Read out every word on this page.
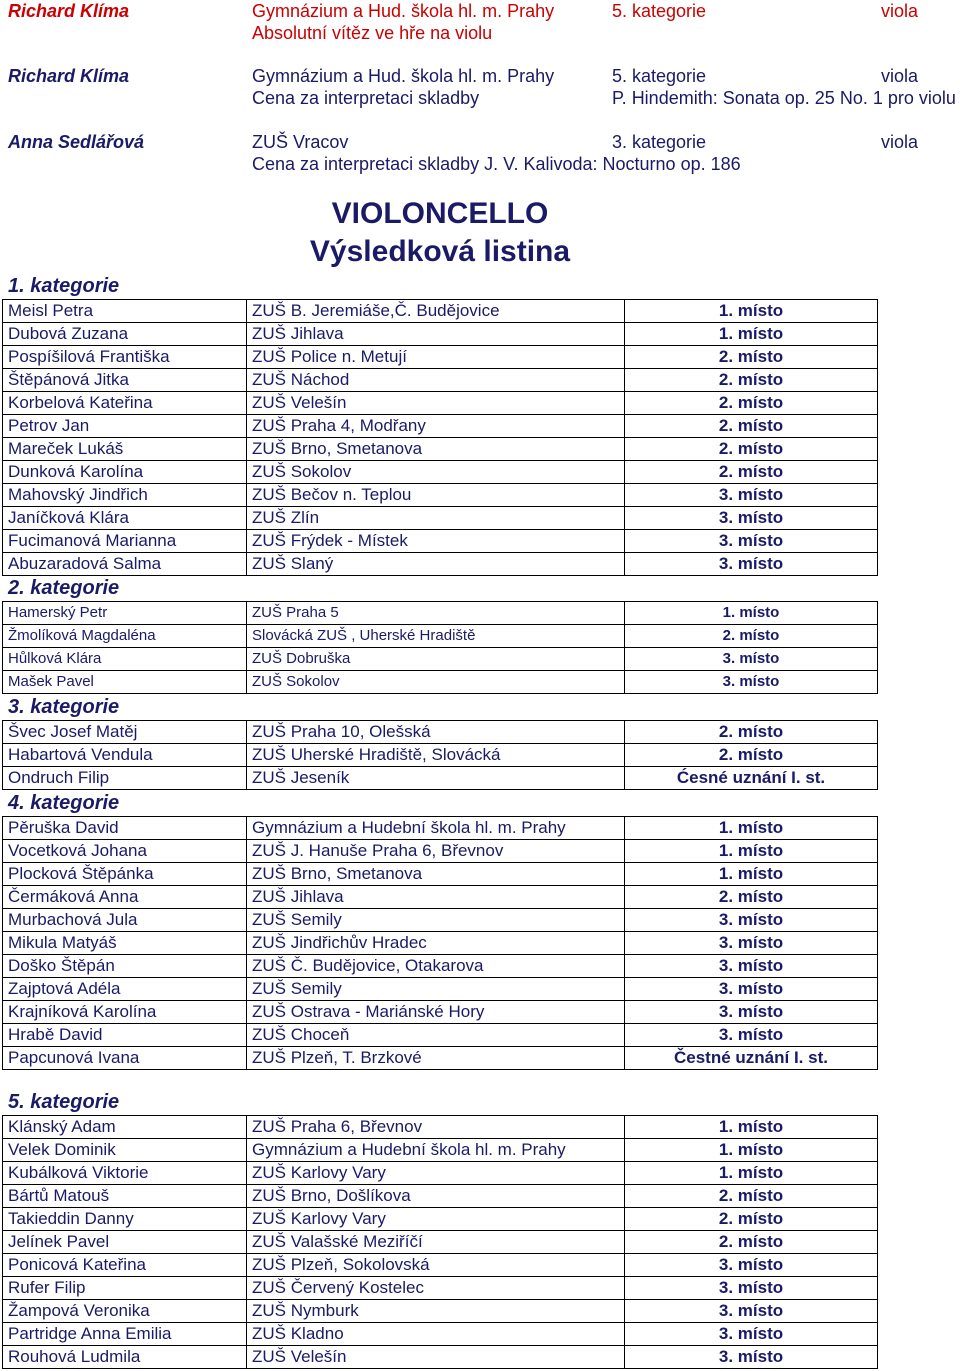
Richard Klíma	Gymnázium a Hud. škola hl. m. Prahy	5. kategorie	viola
Absolutní vítěz ve hře na violu
Richard Klíma	Gymnázium a Hud. škola hl. m. Prahy	5. kategorie	viola
Cena za interpretaci skladby	P. Hindemith: Sonata op. 25 No. 1 pro violu
Anna Sedlářová	ZUŠ Vracov	3. kategorie	viola
Cena za interpretaci skladby J. V. Kalivoda: Nocturno op. 186
VIOLONCELLO
Výsledková listina
1. kategorie
Meisl Petra	ZUŠ B. Jeremiáše,Č. Budějovice	1. místo
Dubová Zuzana	ZUŠ Jihlava	1. místo
Pospíšilová Františka	ZUŠ Police n. Metují	2. místo
Štěpánová Jitka	ZUŠ Náchod	2. místo
Korbelová Kateřina	ZUŠ Velešín	2. místo
Petrov Jan	ZUŠ Praha 4, Modřany	2. místo
Mareček Lukáš	ZUŠ Brno, Smetanova	2. místo
Dunková Karolína	ZUŠ Sokolov	2. místo
Mahovský Jindřich	ZUŠ Bečov n. Teplou	3. místo
Janíčková Klára	ZUŠ Zlín	3. místo
Fucimanová Marianna	ZUŠ Frýdek - Místek	3. místo
Abuzaradová Salma	ZUŠ Slaný	3. místo
2. kategorie
Hamerský Petr	ZUŠ Praha 5	1. místo
Žmolíková Magdaléna	Slovácká ZUŠ , Uherské Hradiště	2. místo
Hůlková Klára	ZUŠ Dobruška	3. místo
Mašek Pavel	ZUŠ Sokolov	3. místo
3. kategorie
Švec Josef Matěj	ZUŠ Praha 10, Olešská	2. místo
Habartová Vendula	ZUŠ Uherské Hradiště, Slovácká	2. místo
Ondruch Filip	ZUŠ Jeseník	Ćesné uznání I. st.
4. kategorie
Pěruška David	Gymnázium a Hudební škola hl. m. Prahy	1. místo
Vocetková Johana	ZUŠ J. Hanuše Praha 6, Břevnov	1. místo
Plocková Štěpánka	ZUŠ Brno, Smetanova	1. místo
Čermáková Anna	ZUŠ Jihlava	2. místo
Murbachová Jula	ZUŠ Semily	3. místo
Mikula Matyáš	ZUŠ Jindřichův Hradec	3. místo
Doško Štěpán	ZUŠ Č. Budějovice, Otakarova	3. místo
Zajptová Adéla	ZUŠ Semily	3. místo
Krajníková Karolína	ZUŠ Ostrava - Mariánské Hory	3. místo
Hrabě David	ZUŠ Choceň	3. místo
Papcunová Ivana	ZUŠ Plzeň, T. Brzkové	Čestné uznání I. st.
5. kategorie
Klánský Adam	ZUŠ Praha 6, Břevnov	1. místo
Velek Dominik	Gymnázium a Hudební škola hl. m. Prahy	1. místo
Kubálková Viktorie	ZUŠ Karlovy Vary	1. místo
Bártů Matouš	ZUŠ Brno, Došlíkova	2. místo
Takieddin Danny	ZUŠ Karlovy Vary	2. místo
Jelínek Pavel	ZUŠ Valašské Meziříčí	2. místo
Ponicová Kateřina	ZUŠ Plzeň, Sokolovská	3. místo
Rufer Filip	ZUŠ Červený Kostelec	3. místo
Žampová Veronika	ZUŠ Nymburk	3. místo
Partridge Anna Emilia	ZUŠ Kladno	3. místo
Rouhová Ludmila	ZUŠ Velešín	3. místo
